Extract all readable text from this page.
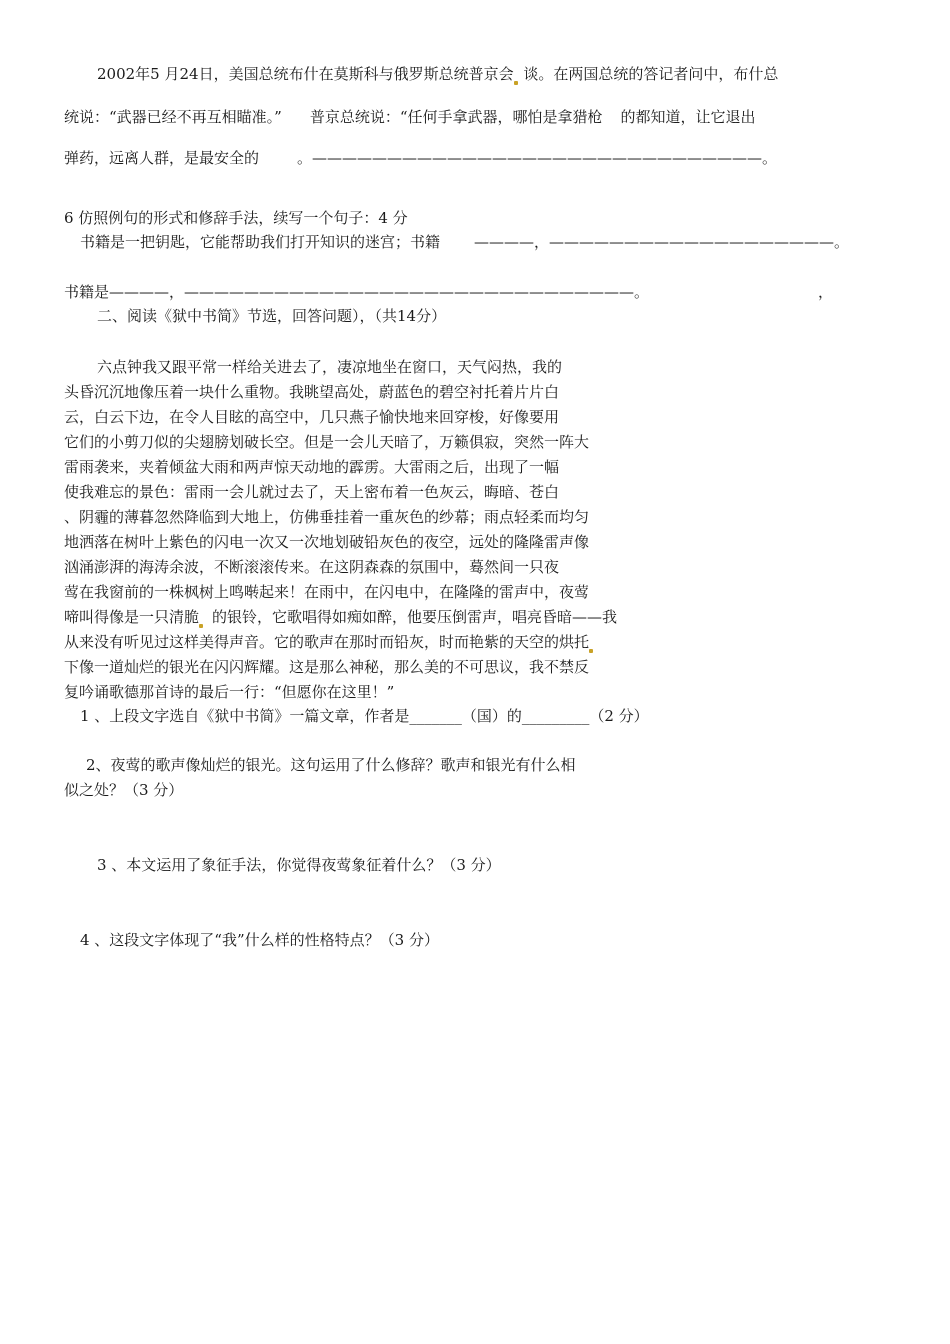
2002年5 月24日，美国总统布什在莫斯科与俄罗斯总统普京会 谈。在两国总统的答记者问中，布什总
统说：“武器已经不再互相瞄准。” 普京总统说：“任何手拿武器，哪怕是拿猎枪 的都知道，让它退出
弹药，远离人群，是最安全的	。——————————————————————————————。
6 仿照例句的形式和修辞手法，续写一个句子：4 分
书籍是一把钥匙，它能帮助我们打开知识的迷宫；书籍 ————，———————————————————。
书籍是————，——————————————————————————————。	，
二、阅读《狱中书简》节选，回答问题），（共14分）
六点钟我又跟平常一样给关进去了，凄凉地坐在窗口，天气闷热，我的
头昏沉沉地像压着一块什么重物。我眺望高处，蔚蓝色的碧空衬托着片片白
云，白云下边，在令人目眩的高空中，几只燕子愉快地来回穿梭，好像要用
它们的小剪刀似的尖翅膀划破长空。但是一会儿天暗了，万籁俱寂，突然一阵大
雷雨袭来，夹着倾盆大雨和两声惊天动地的霹雳。大雷雨之后，出现了一幅
使我难忘的景色：雷雨一会儿就过去了，天上密布着一色灰云，晦暗、苍白
、阴霾的薄暮忽然降临到大地上，仿佛垂挂着一重灰色的纱幕；雨点轻柔而均匀
地洒落在树叶上紫色的闪电一次又一次地划破铅灰色的夜空，远处的隆隆雷声像
汹涌澎湃的海涛余波，不断滚滚传来。在这阴森森的氛围中，蓦然间一只夜
莺在我窗前的一株枫树上鸣啭起来！在雨中，在闪电中，在隆隆的雷声中，夜莺
啼叫得像是一只清脆 的银铃，它歌唱得如痴如醉，他要压倒雷声，唱亮昏暗——我
从来没有听见过这样美得声音。它的歌声在那时而铅灰，时而艳紫的天空的烘托
下像一道灿烂的银光在闪闪辉耀。这是那么神秘，那么美的不可思议，我不禁反
复吟诵歌德那首诗的最后一行：“但愿你在这里！”
1 、上段文字选自《狱中书简》一篇文章，作者是_______（国）的_________（2 分）
2、夜莺的歌声像灿烂的银光。这句运用了什么修辞？歌声和银光有什么相
似之处？（3 分）
3 、本文运用了象征手法，你觉得夜莺象征着什么？（3 分）
4 、这段文字体现了“我”什么样的性格特点？（3 分）
